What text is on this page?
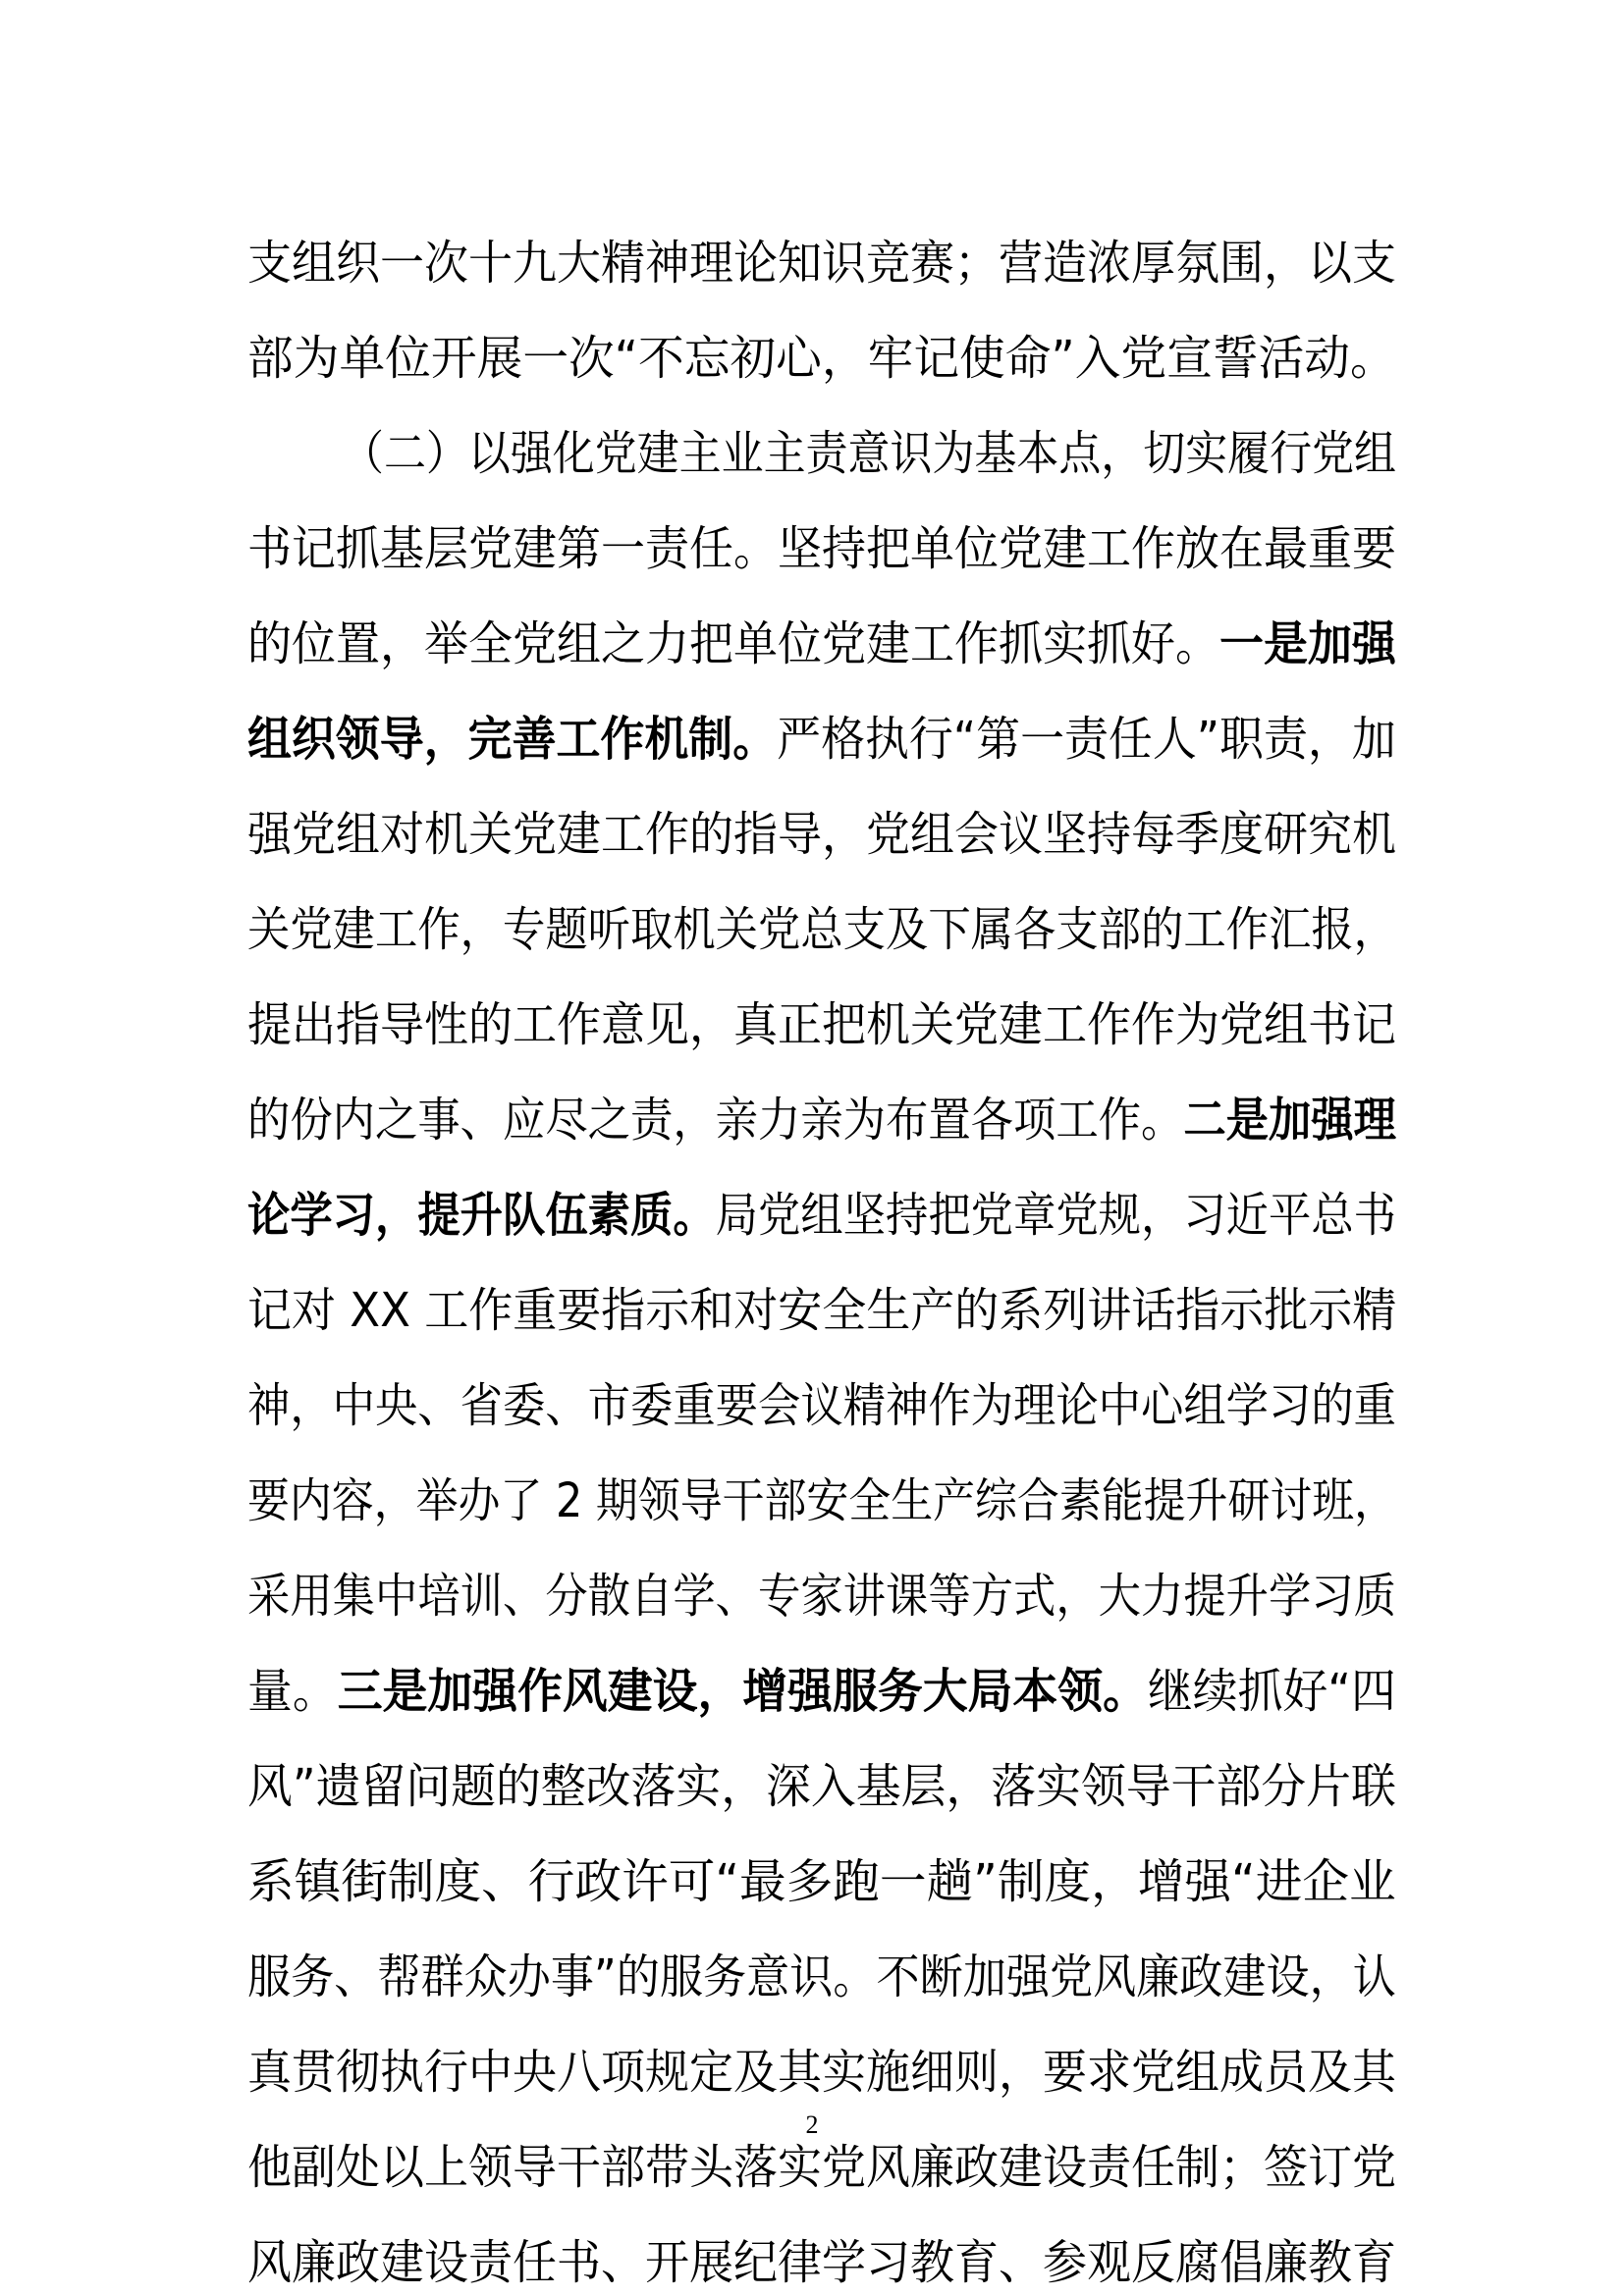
支组织一次十九大精神理论知识竞赛；营造浓厚氛围，以支
部为单位开展一次“不忘初心，牢记使命”入党宣誓活动。
（二）以强化党建主业主责意识为基本点，切实履行党组
书记抓基层党建第一责任。坚持把单位党建工作放在最重要
的位置，举全党组之力把单位党建工作抓实抓好。一是加强
组织领导，完善工作机制。严格执行“第一责任人”职责，加
强党组对机关党建工作的指导，党组会议坚持每季度研究机
关党建工作，专题听取机关党总支及下属各支部的工作汇报，
提出指导性的工作意见，真正把机关党建工作作为党组书记
的份内之事、应尽之责，亲力亲为布置各项工作。二是加强理
论学习，提升队伍素质。局党组坚持把党章党规，习近平总书
记对 XX 工作重要指示和对安全生产的系列讲话指示批示精
神，中央、省委、市委重要会议精神作为理论中心组学习的重
要内容，举办了 2 期领导干部安全生产综合素能提升研讨班，
采用集中培训、分散自学、专家讲课等方式，大力提升学习质
量。三是加强作风建设，增强服务大局本领。继续抓好“四
风”遗留问题的整改落实，深入基层，落实领导干部分片联
系镇街制度、行政许可“最多跑一趟”制度，增强“进企业
服务、帮群众办事”的服务意识。不断加强党风廉政建设，认
真贯彻执行中央八项规定及其实施细则，要求党组成员及其
他副处以上领导干部带头落实党风廉政建设责任制；签订党
风廉政建设责任书、开展纪律学习教育、参观反腐倡廉教育
2
